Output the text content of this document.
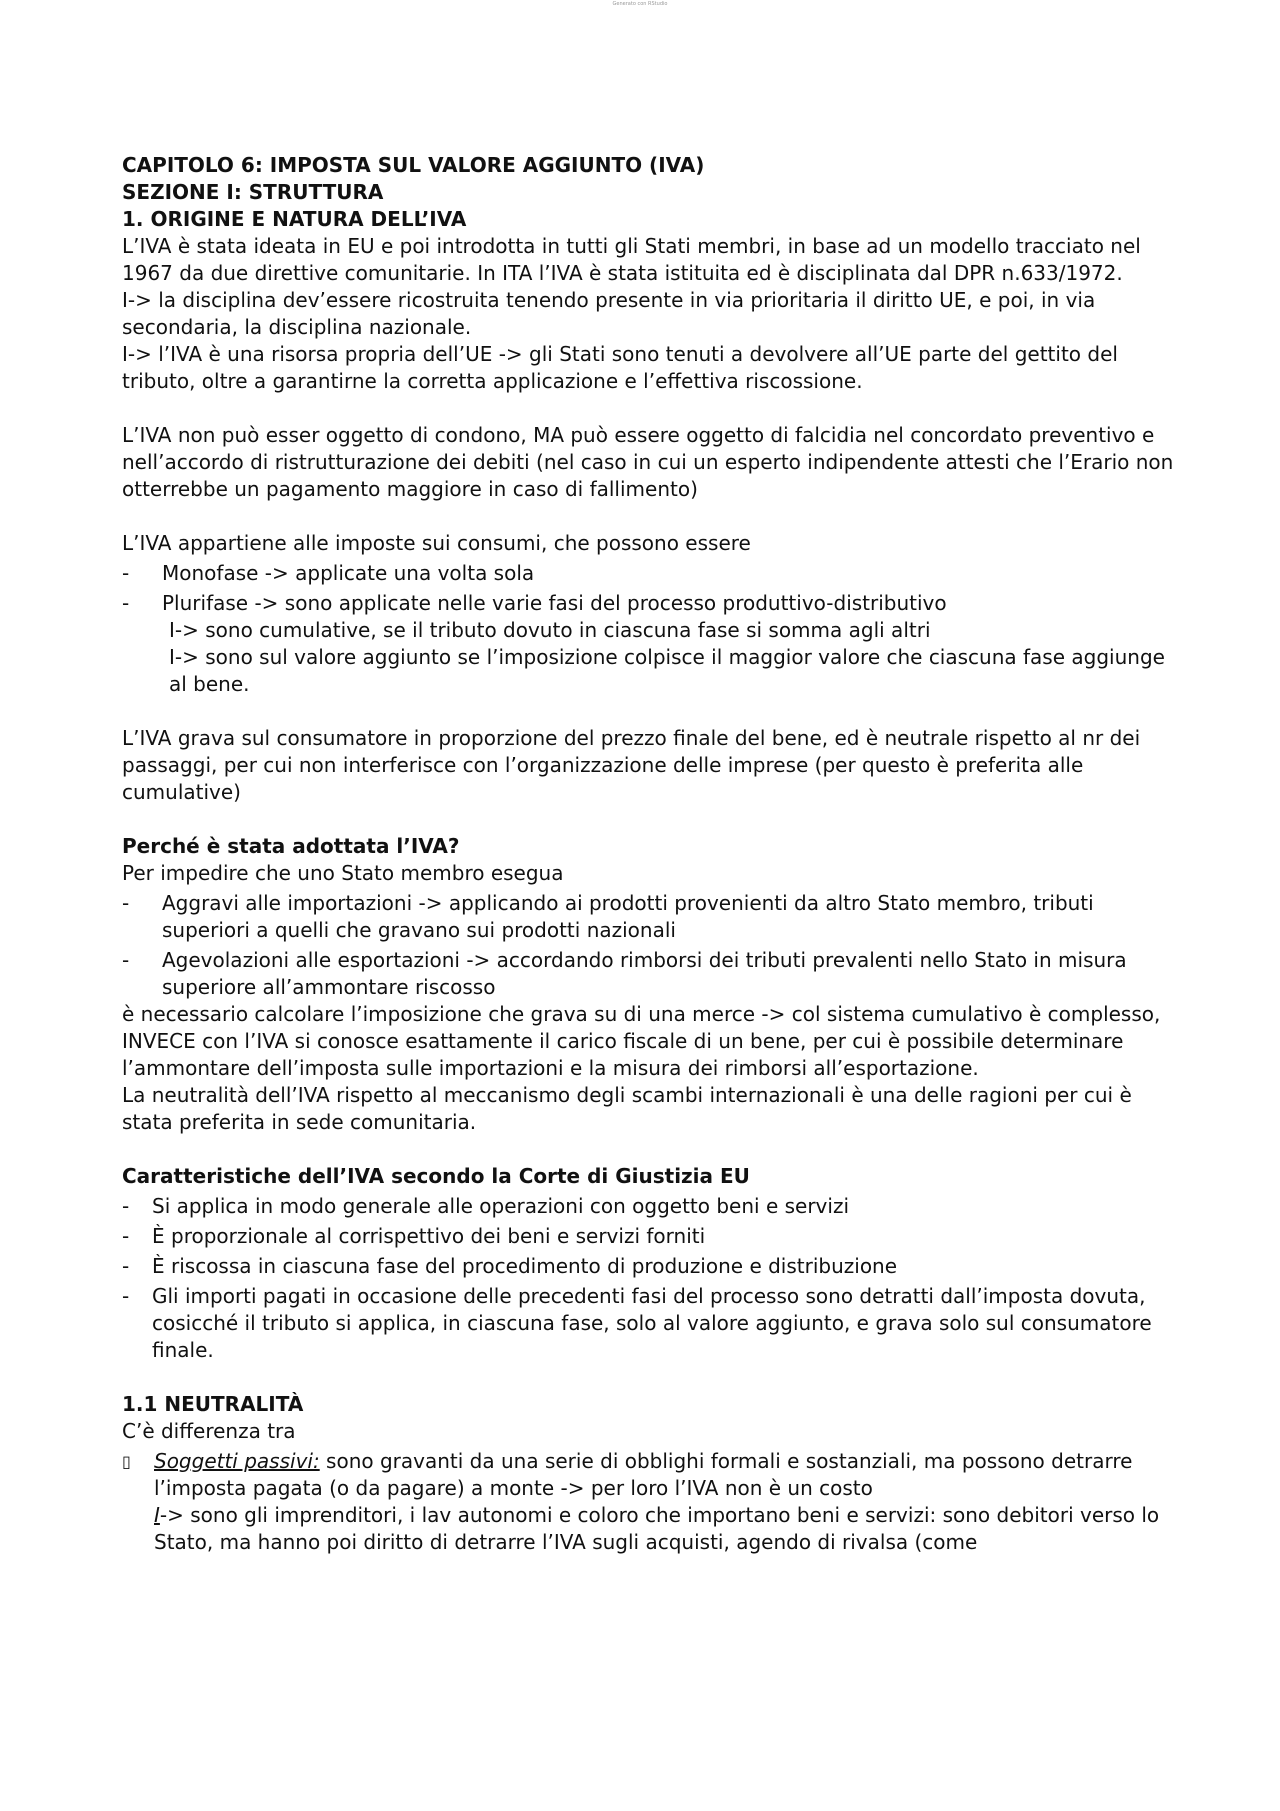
Generato con RStudio

CAPITOLO 6: IMPOSTA SUL VALORE AGGIUNTO (IVA)

SEZIONE I: STRUTTURA

1. ORIGINE E NATURA DELL’IVA

L’IVA è stata ideata in EU e poi introdotta in tutti gli Stati membri, in base ad un modello tracciato nel 1967 da due direttive comunitarie. In ITA l’IVA è stata istituita ed è disciplinata dal DPR n.633/1972.

I-> la disciplina dev’essere ricostruita tenendo presente in via prioritaria il diritto UE, e poi, in via secondaria, la disciplina nazionale.

I-> l’IVA è una risorsa propria dell’UE -> gli Stati sono tenuti a devolvere all’UE parte del gettito del tributo, oltre a garantirne la corretta applicazione e l’effettiva riscossione.

L’IVA non può esser oggetto di condono, MA può essere oggetto di falcidia nel concordato preventivo e nell’accordo di ristrutturazione dei debiti (nel caso in cui un esperto indipendente attesti che l’Erario non otterrebbe un pagamento maggiore in caso di fallimento)

L’IVA appartiene alle imposte sui consumi, che possono essere

-	Monofase -> applicate una volta sola
-	Plurifase -> sono applicate nelle varie fasi del processo produttivo-distributivo

I-> sono cumulative, se il tributo dovuto in ciascuna fase si somma agli altri

I-> sono sul valore aggiunto se l’imposizione colpisce il maggior valore che ciascuna fase aggiunge al bene.

L’IVA grava sul consumatore in proporzione del prezzo finale del bene, ed è neutrale rispetto al nr dei passaggi, per cui non interferisce con l’organizzazione delle imprese (per questo è preferita alle cumulative)

Perché è stata adottata l’IVA?

Per impedire che uno Stato membro esegua

-	Aggravi alle importazioni -> applicando ai prodotti provenienti da altro Stato membro, tributi superiori a quelli che gravano sui prodotti nazionali
-	Agevolazioni alle esportazioni -> accordando rimborsi dei tributi prevalenti nello Stato in misura superiore all’ammontare riscosso

è necessario calcolare l’imposizione che grava su di una merce -> col sistema cumulativo è complesso, INVECE con l’IVA si conosce esattamente il carico fiscale di un bene, per cui è possibile determinare l’ammontare dell’imposta sulle importazioni e la misura dei rimborsi all’esportazione.

La neutralità dell’IVA rispetto al meccanismo degli scambi internazionali è una delle ragioni per cui è stata preferita in sede comunitaria.

Caratteristiche dell’IVA secondo la Corte di Giustizia EU

-	Si applica in modo generale alle operazioni con oggetto beni e servizi
-	È proporzionale al corrispettivo dei beni e servizi forniti
-	È riscossa in ciascuna fase del procedimento di produzione e distribuzione
-	Gli importi pagati in occasione delle precedenti fasi del processo sono detratti dall’imposta dovuta, cosicché il tributo si applica, in ciascuna fase, solo al valore aggiunto, e grava solo sul consumatore finale.

1.1 NEUTRALITÀ

C’è differenza tra

▯	Soggetti passivi: sono gravanti da una serie di obblighi formali e sostanziali, ma possono detrarre l’imposta pagata (o da pagare) a monte -> per loro l’IVA non è un costo
I-> sono gli imprenditori, i lav autonomi e coloro che importano beni e servizi: sono debitori verso lo Stato, ma hanno poi diritto di detrarre l’IVA sugli acquisti, agendo di rivalsa (come
